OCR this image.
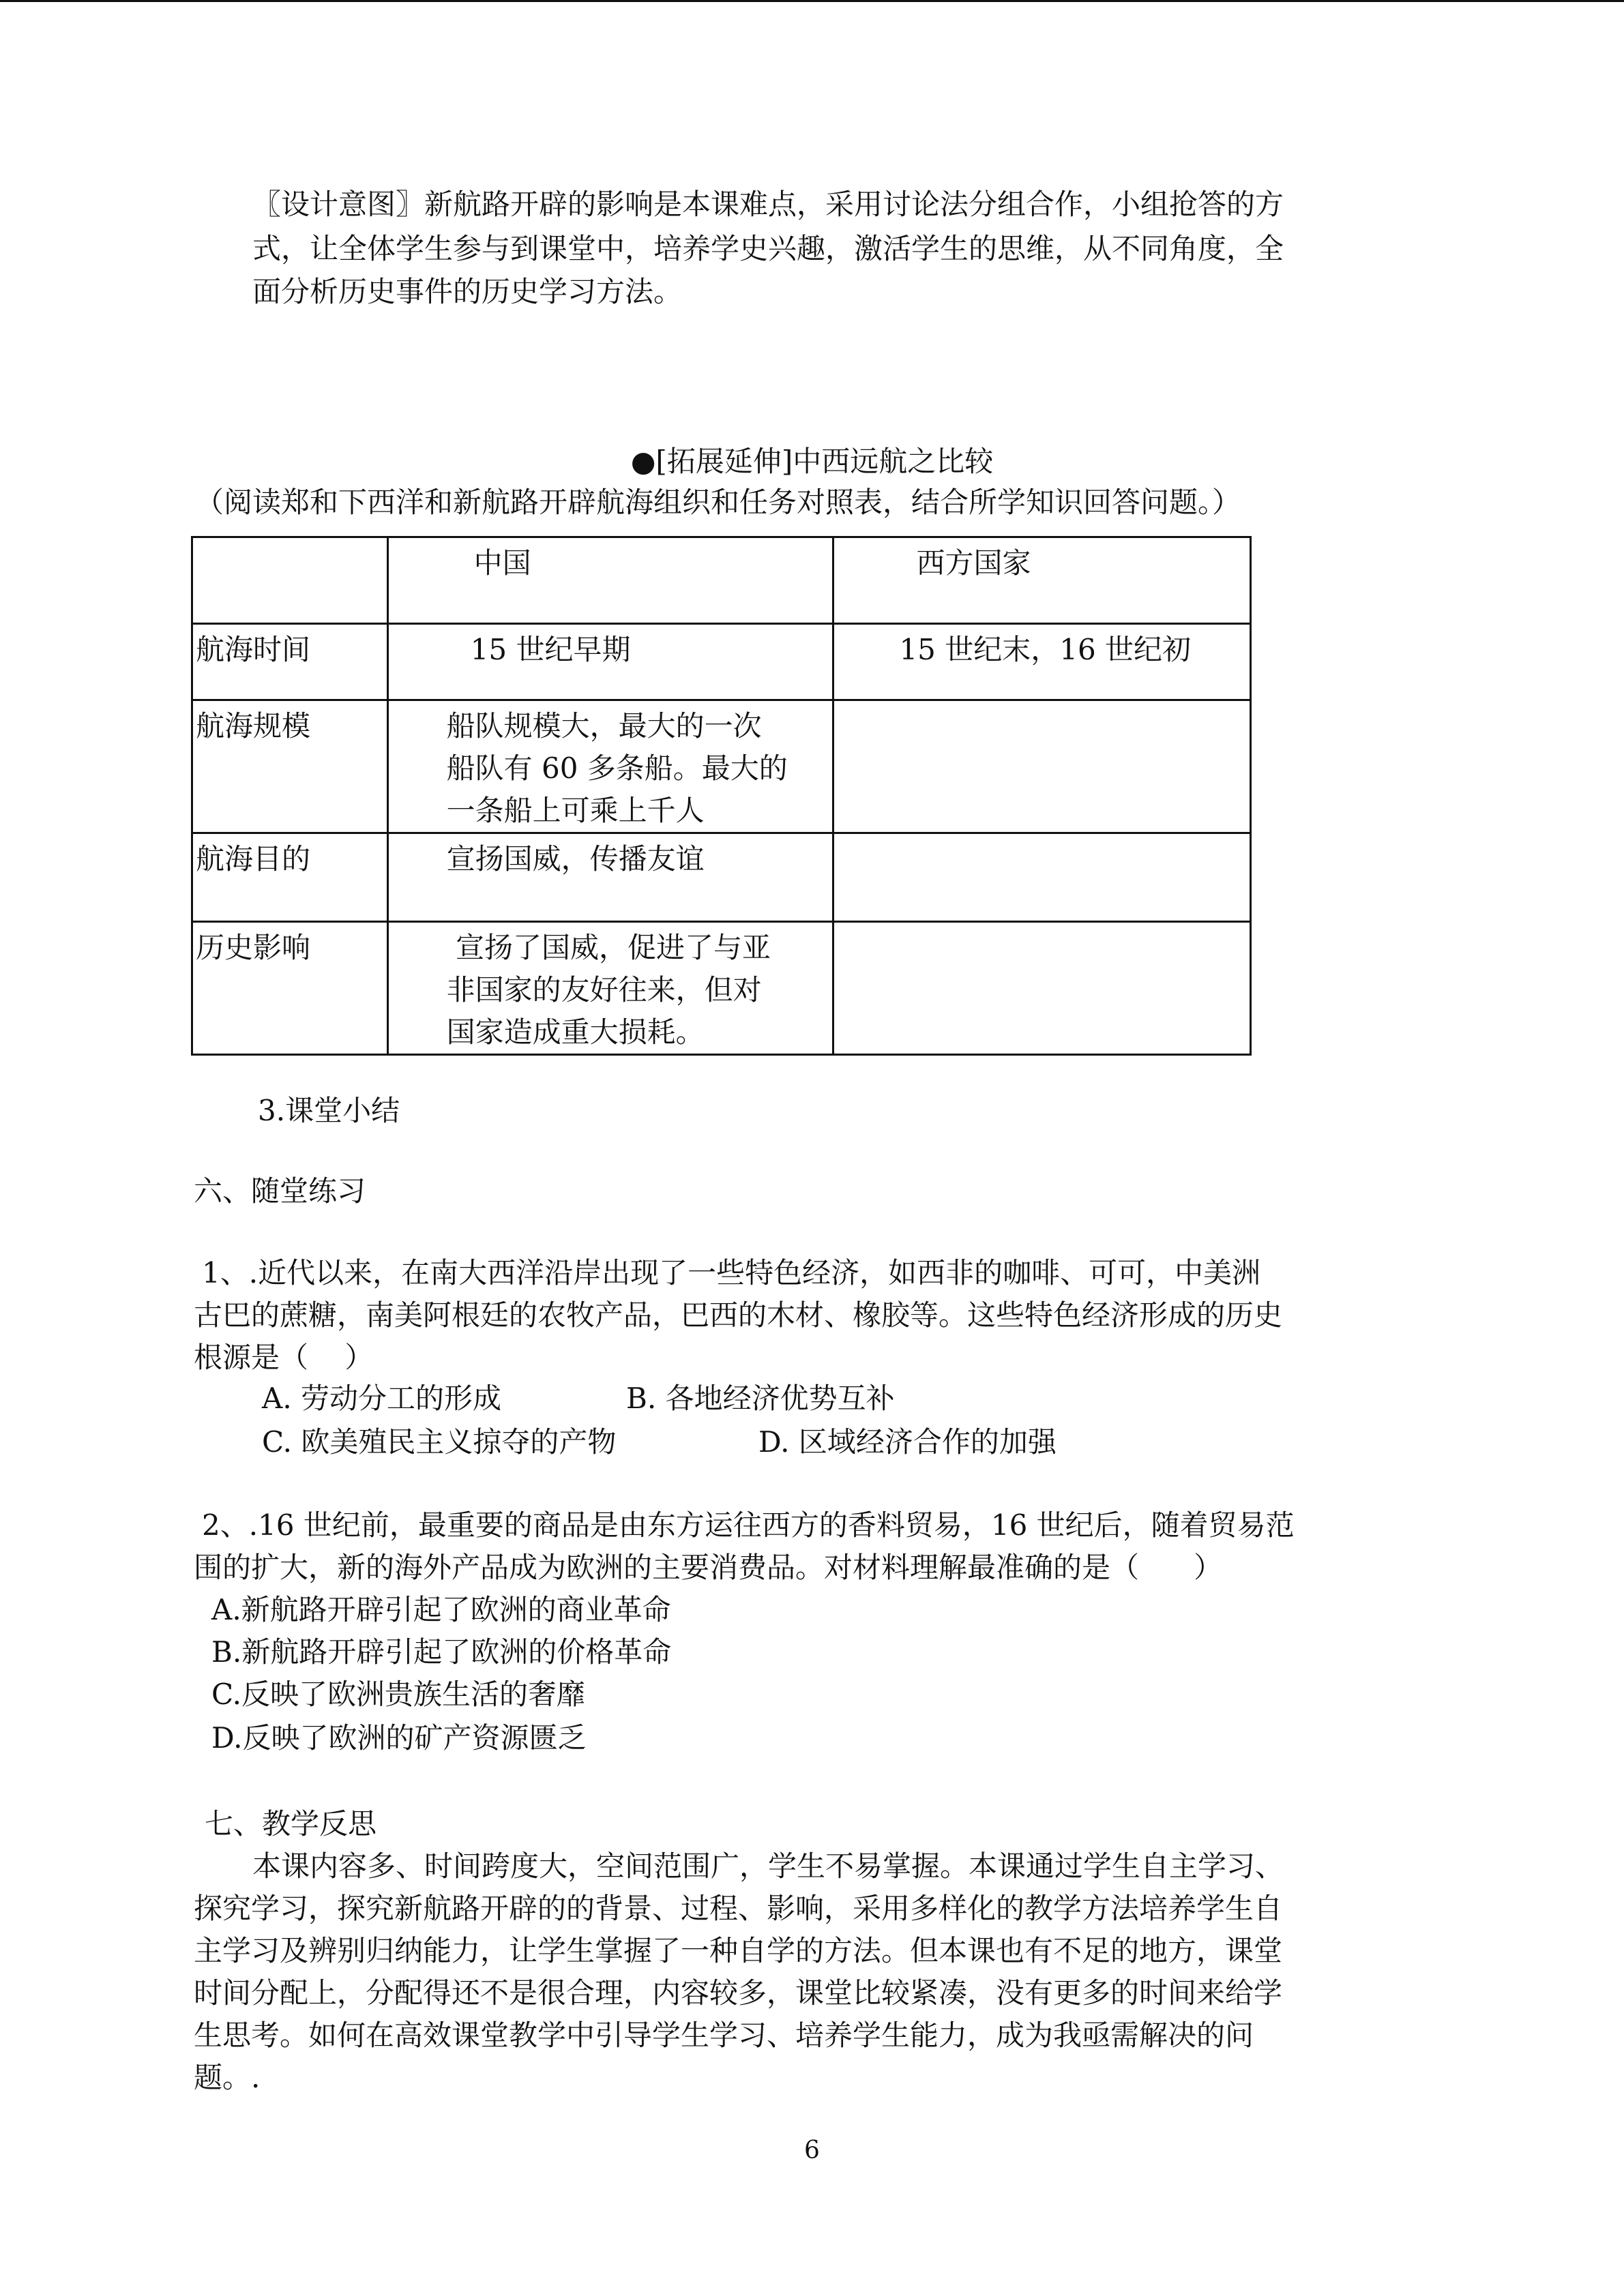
〖设计意图〗新航路开辟的影响是本课难点，采用讨论法分组合作，小组抢答的方
式，让全体学生参与到课堂中，培养学史兴趣，激活学生的思维，从不同角度，全
面分析历史事件的历史学习方法。
●[拓展延伸]中西远航之比较
（阅读郑和下西洋和新航路开辟航海组织和任务对照表，结合所学知识回答问题。）
	中国	西方国家
航海时间	15 世纪早期	15 世纪末，16 世纪初

航海规模	船队规模大，最大的一次
船队有 60 多条船。最大的
一条船上可乘上千人	

航海目的	宣扬国威，传播友谊	

历史影响	宣扬了国威，促进了与亚
非国家的友好往来，但对
国家造成重大损耗。	

3.课堂小结
六、随堂练习
1、.近代以来，在南大西洋沿岸出现了一些特色经济，如西非的咖啡、可可，中美洲
古巴的蔗糖，南美阿根廷的农牧产品，巴西的木材、橡胶等。这些特色经济形成的历史
根源是（    ）
A. 劳动分工的形成	B. 各地经济优势互补
C. 欧美殖民主义掠夺的产物	D. 区域经济合作的加强
2、.16 世纪前，最重要的商品是由东方运往西方的香料贸易，16 世纪后，随着贸易范
围的扩大，新的海外产品成为欧洲的主要消费品。对材料理解最准确的是（      ）
A.新航路开辟引起了欧洲的商业革命
B.新航路开辟引起了欧洲的价格革命
C.反映了欧洲贵族生活的奢靡
D.反映了欧洲的矿产资源匮乏
七、教学反思
本课内容多、时间跨度大，空间范围广，学生不易掌握。本课通过学生自主学习、
探究学习，探究新航路开辟的的背景、过程、影响，采用多样化的教学方法培养学生自
主学习及辨别归纳能力，让学生掌握了一种自学的方法。但本课也有不足的地方，课堂
时间分配上，分配得还不是很合理，内容较多，课堂比较紧凑，没有更多的时间来给学
生思考。如何在高效课堂教学中引导学生学习、培养学生能力，成为我亟需解决的问
题。.
6
